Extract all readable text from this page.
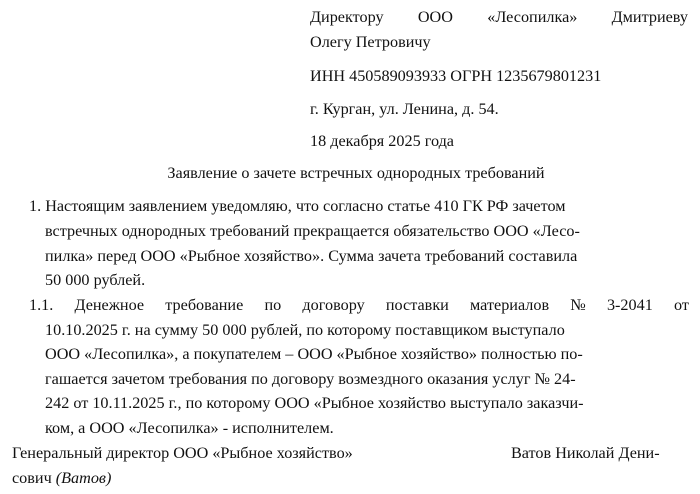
Директору ООО «Лесопилка» Дмитриеву
Олегу Петровичу
ИНН 450589093933 ОГРН 1235679801231
г. Курган, ул. Ленина, д. 54.
18 декабря 2025 года
Заявление о зачете встречных однородных требований
1. Настоящим заявлением уведомляю, что согласно статье 410 ГК РФ зачетом
встречных однородных требований прекращается обязательство ООО «Лесо-
пилка» перед ООО «Рыбное хозяйство». Сумма зачета требований составила
50 000 рублей.
1.1. Денежное требование по договору поставки материалов № 3-2041 от
10.10.2025 г. на сумму 50 000 рублей, по которому поставщиком выступало
ООО «Лесопилка», а покупателем – ООО «Рыбное хозяйство» полностью по-
гашается зачетом требования по договору возмездного оказания услуг № 24-
242 от 10.11.2025 г., по которому ООО «Рыбное хозяйство выступало заказчи-
ком, а ООО «Лесопилка» - исполнителем.
Генеральный директор ООО «Рыбное хозяйство»	Ватов Николай Дени-
сович (Ватов)
